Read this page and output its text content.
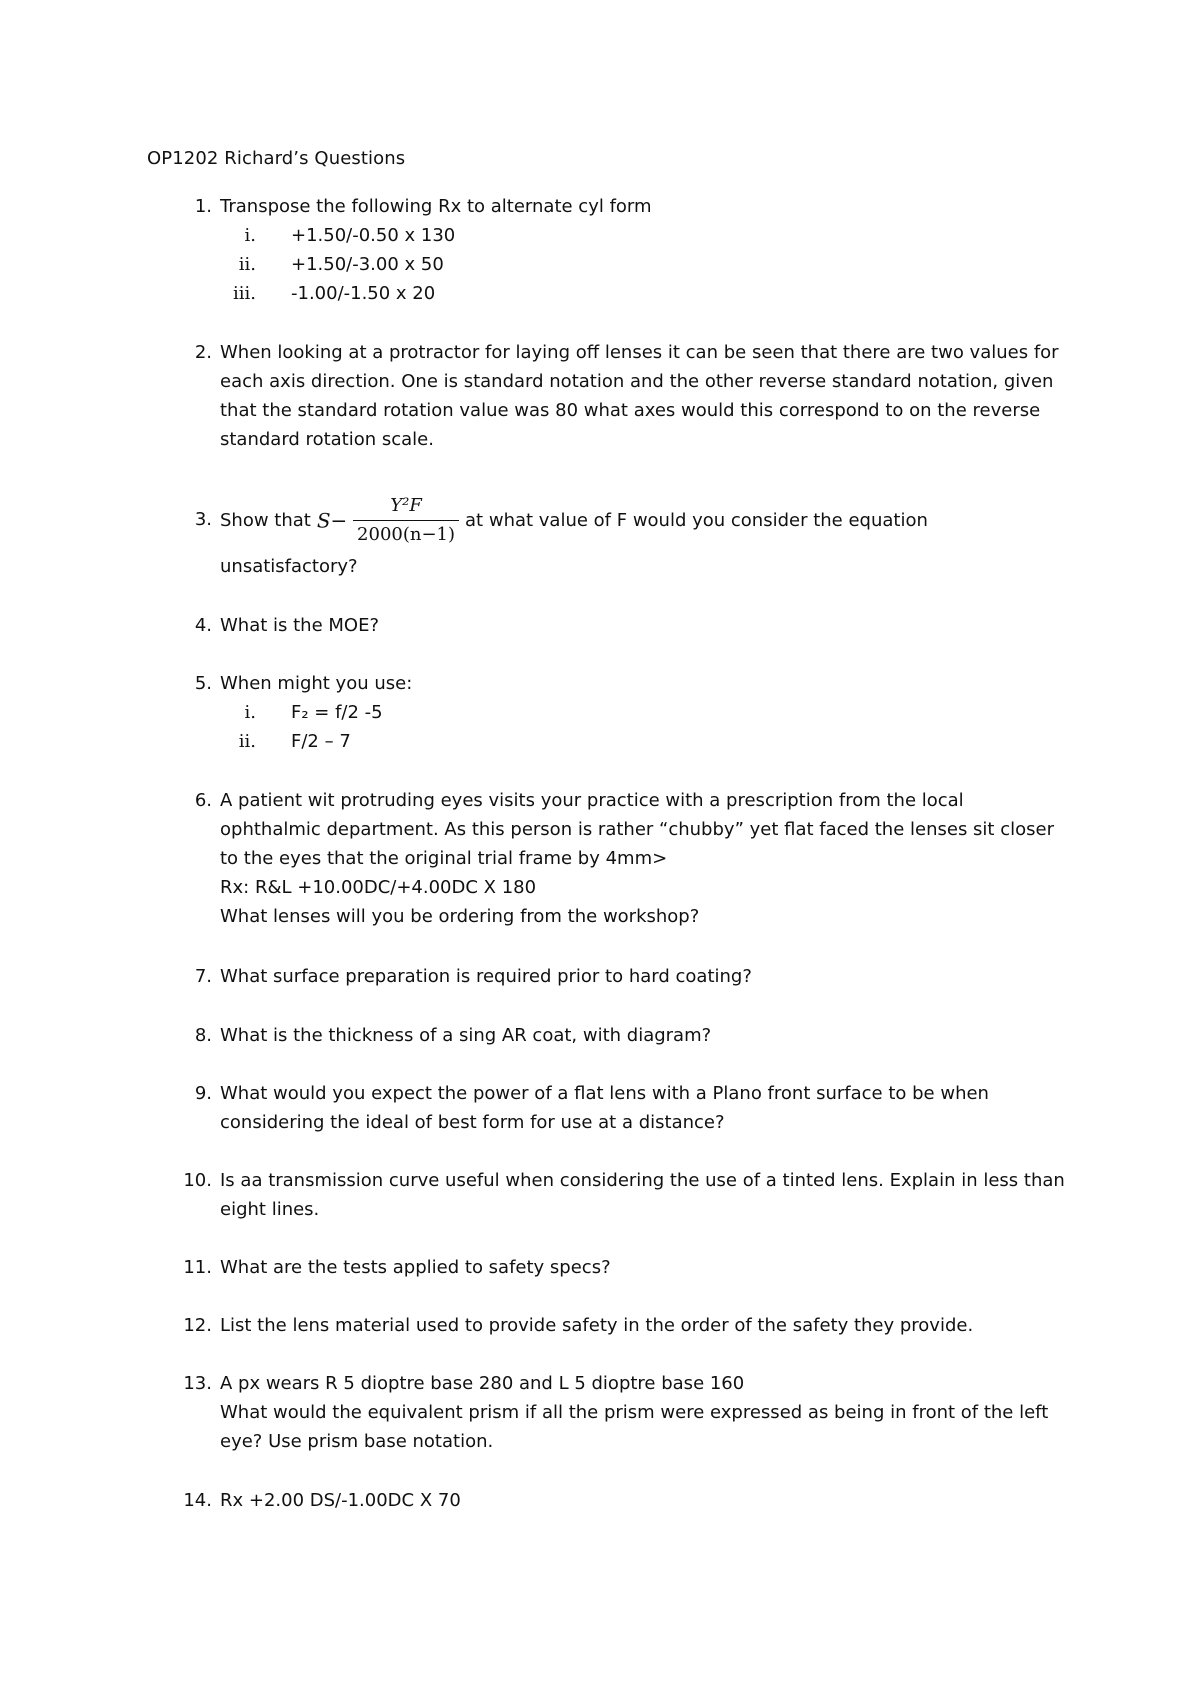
OP1202 Richard’s Questions
1. Transpose the following Rx to alternate cyl form
i. +1.50/-0.50 x 130
ii. +1.50/-3.00 x 50
iii. -1.00/-1.50 x 20
2. When looking at a protractor for laying off lenses it can be seen that there are two values for
each axis direction. One is standard notation and the other reverse standard notation, given
that the standard rotation value was 80 what axes would this correspond to on the reverse
standard rotation scale.
3. Show that $S- \frac{\text{Y²F}}{2000(n-1)}$ at what value of F would you consider the equation
unsatisfactory?
4. What is the MOE?
5. When might you use:
i. F₂ = f/2 -5
ii. F/2 – 7
6. A patient wit protruding eyes visits your practice with a prescription from the local
ophthalmic department. As this person is rather “chubby” yet flat faced the lenses sit closer
to the eyes that the original trial frame by 4mm>
Rx: R&L +10.00DC/+4.00DC X 180
What lenses will you be ordering from the workshop?
7. What surface preparation is required prior to hard coating?
8. What is the thickness of a sing AR coat, with diagram?
9. What would you expect the power of a flat lens with a Plano front surface to be when
considering the ideal of best form for use at a distance?
10. Is aa transmission curve useful when considering the use of a tinted lens. Explain in less than
eight lines.
11. What are the tests applied to safety specs?
12. List the lens material used to provide safety in the order of the safety they provide.
13. A px wears R 5 dioptre base 280 and L 5 dioptre base 160
What would the equivalent prism if all the prism were expressed as being in front of the left
eye? Use prism base notation.
14. Rx +2.00 DS/-1.00DC X 70
